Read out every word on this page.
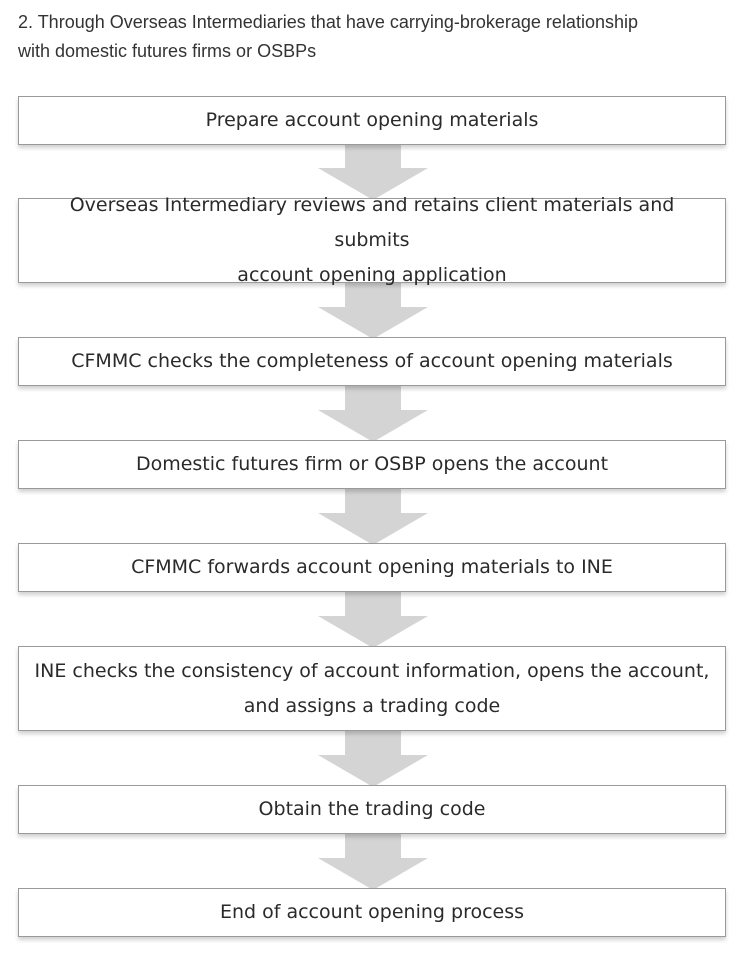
2. Through Overseas Intermediaries that have carrying-brokerage relationship
with domestic futures firms or OSBPs
Prepare account opening materials
Overseas Intermediary reviews and retains client materials and submits
account opening application
CFMMC checks the completeness of account opening materials
Domestic futures firm or OSBP opens the account
CFMMC forwards account opening materials to INE
INE checks the consistency of account information, opens the account,
and assigns a trading code
Obtain the trading code
End of account opening process
